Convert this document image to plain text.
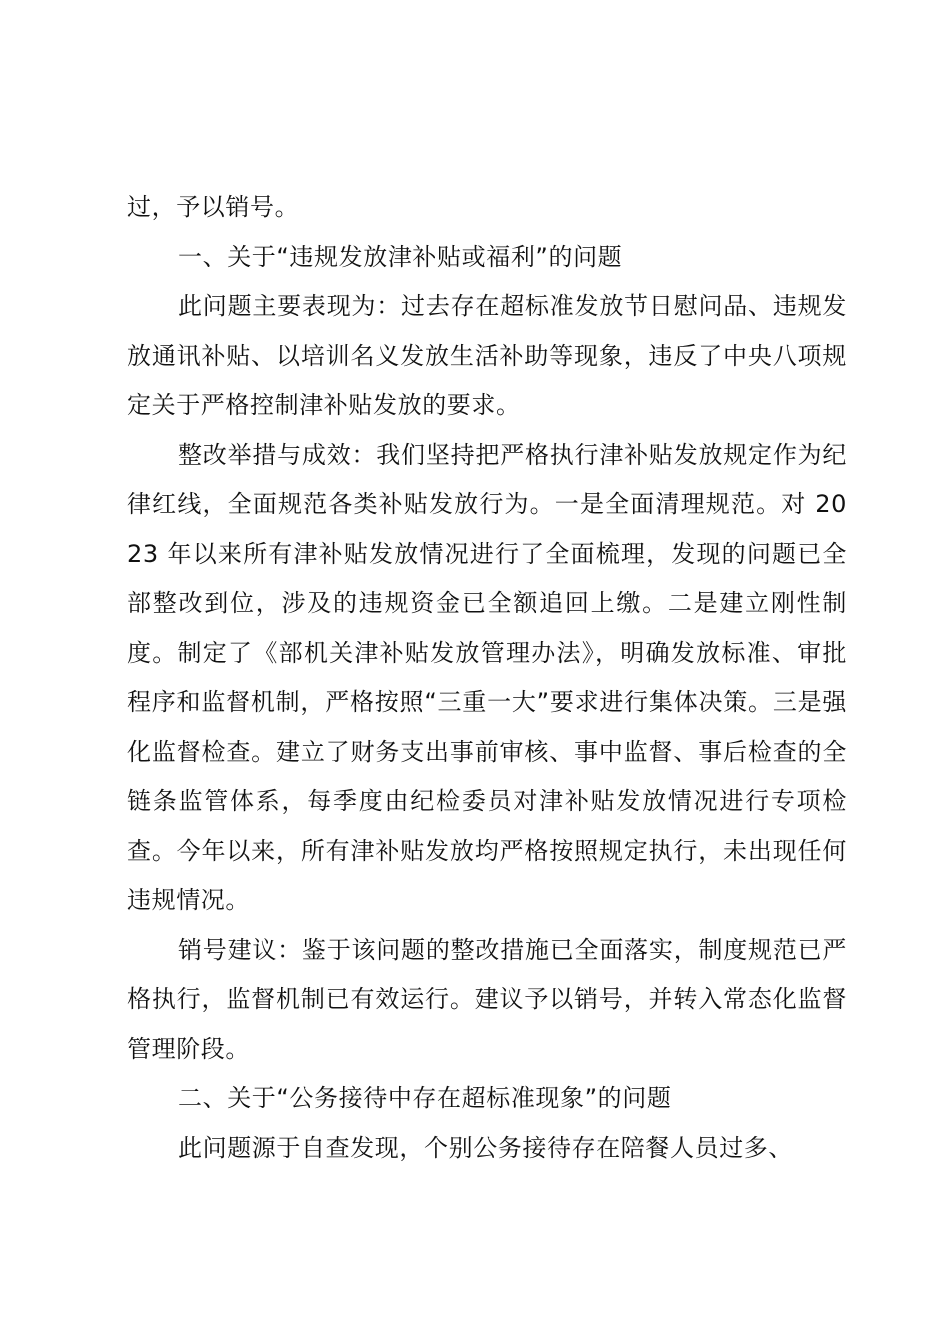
过，予以销号。

一、关于“违规发放津补贴或福利”的问题

此问题主要表现为：过去存在超标准发放节日慰问品、违规发放通讯补贴、以培训名义发放生活补助等现象，违反了中央八项规定关于严格控制津补贴发放的要求。

整改举措与成效：我们坚持把严格执行津补贴发放规定作为纪律红线，全面规范各类补贴发放行为。一是全面清理规范。对 2023 年以来所有津补贴发放情况进行了全面梳理，发现的问题已全部整改到位，涉及的违规资金已全额追回上缴。二是建立刚性制度。制定了《部机关津补贴发放管理办法》，明确发放标准、审批程序和监督机制，严格按照“三重一大”要求进行集体决策。三是强化监督检查。建立了财务支出事前审核、事中监督、事后检查的全链条监管体系，每季度由纪检委员对津补贴发放情况进行专项检查。今年以来，所有津补贴发放均严格按照规定执行，未出现任何违规情况。

销号建议：鉴于该问题的整改措施已全面落实，制度规范已严格执行，监督机制已有效运行。建议予以销号，并转入常态化监督管理阶段。

二、关于“公务接待中存在超标准现象”的问题

此问题源于自查发现，个别公务接待存在陪餐人员过多、
